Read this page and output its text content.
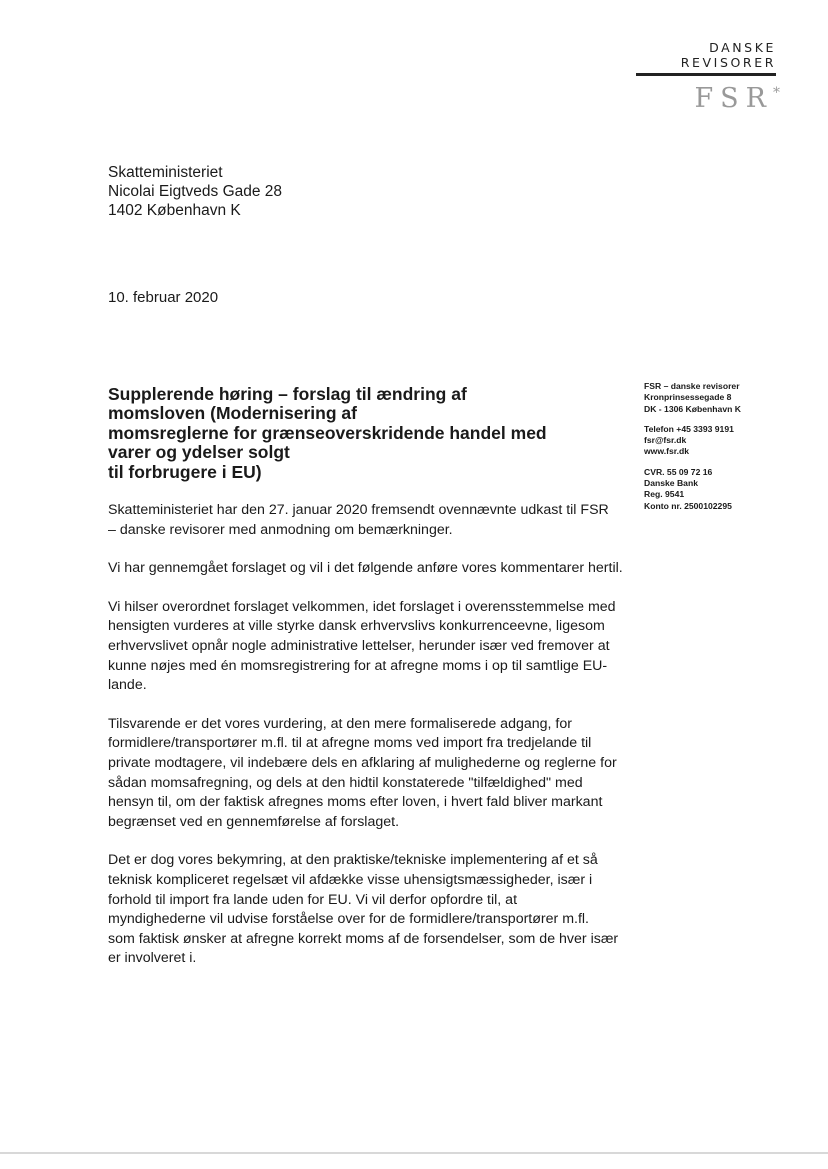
DANSKE
REVISORER
FSR*
Skatteministeriet
Nicolai Eigtveds Gade 28
1402 København K
10. februar 2020
FSR – danske revisorer
Kronprinsessegade 8
DK - 1306 København K
Telefon +45 3393 9191
fsr@fsr.dk
www.fsr.dk
CVR. 55 09 72 16
Danske Bank
Reg. 9541
Konto nr. 2500102295
Supplerende høring – forslag til ændring af
momsloven (Modernisering af
momsreglerne for grænseoverskridende handel med
varer og ydelser solgt
til forbrugere i EU)

Skatteministeriet har den 27. januar 2020 fremsendt ovennævnte udkast til FSR
– danske revisorer med anmodning om bemærkninger.

Vi har gennemgået forslaget og vil i det følgende anføre vores kommentarer hertil.

Vi hilser overordnet forslaget velkommen, idet forslaget i overensstemmelse med
hensigten vurderes at ville styrke dansk erhvervslivs konkurrenceevne, ligesom
erhvervslivet opnår nogle administrative lettelser, herunder især ved fremover at
kunne nøjes med én momsregistrering for at afregne moms i op til samtlige EU-
lande.

Tilsvarende er det vores vurdering, at den mere formaliserede adgang, for
formidlere/transportører m.fl. til at afregne moms ved import fra tredjelande til
private modtagere, vil indebære dels en afklaring af mulighederne og reglerne for
sådan momsafregning, og dels at den hidtil konstaterede "tilfældighed" med
hensyn til, om der faktisk afregnes moms efter loven, i hvert fald bliver markant
begrænset ved en gennemførelse af forslaget.

Det er dog vores bekymring, at den praktiske/tekniske implementering af et så
teknisk kompliceret regelsæt vil afdække visse uhensigtsmæssigheder, især i
forhold til import fra lande uden for EU. Vi vil derfor opfordre til, at
myndighederne vil udvise forståelse over for de formidlere/transportører m.fl.
som faktisk ønsker at afregne korrekt moms af de forsendelser, som de hver især
er involveret i.
